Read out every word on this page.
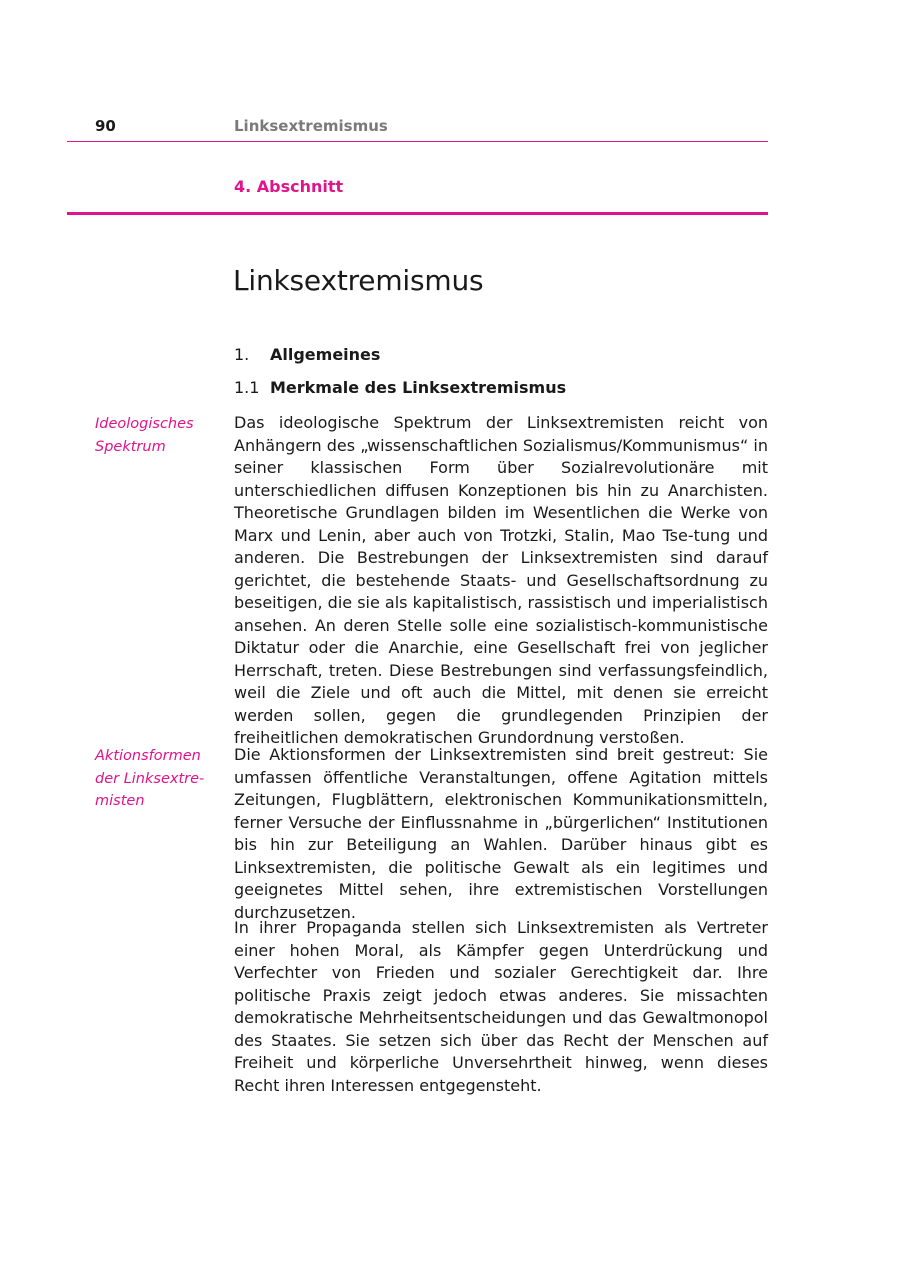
90	Linksextremismus
4. Abschnitt
Linksextremismus
1. Allgemeines
1.1 Merkmale des Linksextremismus
Ideologisches Spektrum

Das ideologische Spektrum der Linksextremisten reicht von Anhängern des „wissenschaftlichen Sozialismus/Kommunismus“ in seiner klassischen Form über Sozialrevolutionäre mit unterschiedlichen diffusen Konzeptionen bis hin zu Anarchisten. Theoretische Grundlagen bilden im Wesentlichen die Werke von Marx und Lenin, aber auch von Trotzki, Stalin, Mao Tse-tung und anderen. Die Bestrebungen der Linksextremisten sind darauf gerichtet, die bestehende Staats- und Gesellschaftsordnung zu beseitigen, die sie als kapitalistisch, rassistisch und imperialistisch ansehen. An deren Stelle solle eine sozialistisch-kommunistische Diktatur oder die Anarchie, eine Gesellschaft frei von jeglicher Herrschaft, treten. Diese Bestrebungen sind verfassungsfeindlich, weil die Ziele und oft auch die Mittel, mit denen sie erreicht werden sollen, gegen die grundlegenden Prinzipien der freiheitlichen demokratischen Grundordnung verstoßen.

Aktionsformen der Linksextremisten

Die Aktionsformen der Linksextremisten sind breit gestreut: Sie umfassen öffentliche Veranstaltungen, offene Agitation mittels Zeitungen, Flugblättern, elektronischen Kommunikationsmitteln, ferner Versuche der Einflussnahme in „bürgerlichen“ Institutionen bis hin zur Beteiligung an Wahlen. Darüber hinaus gibt es Linksextremisten, die politische Gewalt als ein legitimes und geeignetes Mittel sehen, ihre extremistischen Vorstellungen durchzusetzen.

In ihrer Propaganda stellen sich Linksextremisten als Vertreter einer hohen Moral, als Kämpfer gegen Unterdrückung und Verfechter von Frieden und sozialer Gerechtigkeit dar. Ihre politische Praxis zeigt jedoch etwas anderes. Sie missachten demokratische Mehrheitsentscheidungen und das Gewaltmonopol des Staates. Sie setzen sich über das Recht der Menschen auf Freiheit und körperliche Unversehrtheit hinweg, wenn dieses Recht ihren Interessen entgegensteht.
